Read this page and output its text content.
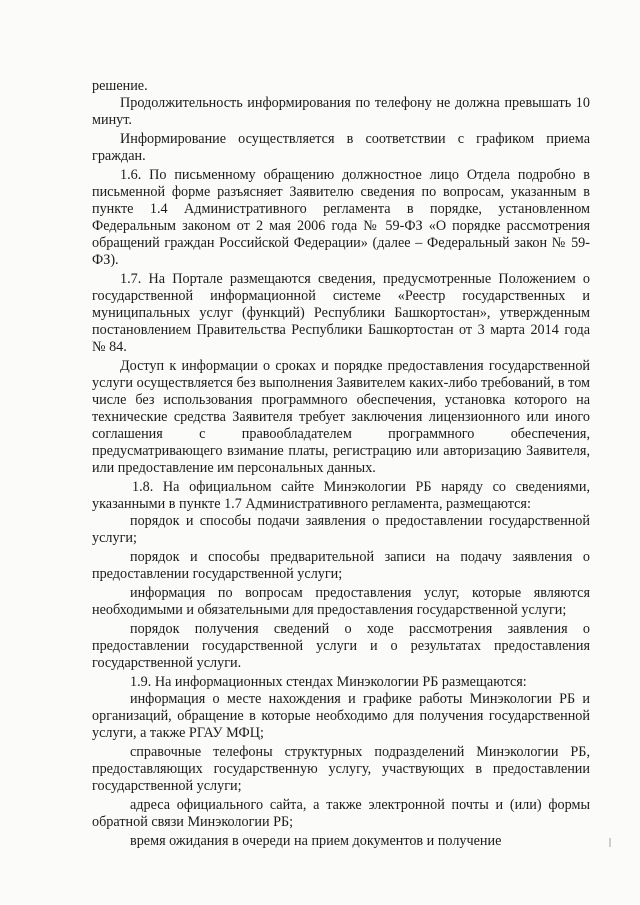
решение.

Продолжительность информирования по телефону не должна превышать 10 минут.

Информирование осуществляется в соответствии с графиком приема граждан.

1.6. По письменному обращению должностное лицо Отдела подробно в письменной форме разъясняет Заявителю сведения по вопросам, указанным в пункте 1.4 Административного регламента в порядке, установленном Федеральным законом от 2 мая 2006 года № 59-ФЗ «О порядке рассмотрения обращений граждан Российской Федерации» (далее – Федеральный закон № 59-ФЗ).

1.7. На Портале размещаются сведения, предусмотренные Положением о государственной информационной системе «Реестр государственных и муниципальных услуг (функций) Республики Башкортостан», утвержденным постановлением Правительства Республики Башкортостан от 3 марта 2014 года № 84.

Доступ к информации о сроках и порядке предоставления государственной услуги осуществляется без выполнения Заявителем каких-либо требований, в том числе без использования программного обеспечения, установка которого на технические средства Заявителя требует заключения лицензионного или иного соглашения с правообладателем программного обеспечения, предусматривающего взимание платы, регистрацию или авторизацию Заявителя, или предоставление им персональных данных.

1.8. На официальном сайте Минэкологии РБ наряду со сведениями, указанными в пункте 1.7 Административного регламента, размещаются:

порядок и способы подачи заявления о предоставлении государственной услуги;

порядок и способы предварительной записи на подачу заявления о предоставлении государственной услуги;

информация по вопросам предоставления услуг, которые являются необходимыми и обязательными для предоставления государственной услуги;

порядок получения сведений о ходе рассмотрения заявления о предоставлении государственной услуги и о результатах предоставления государственной услуги.

1.9. На информационных стендах Минэкологии РБ размещаются:

информация о месте нахождения и графике работы Минэкологии РБ и организаций, обращение в которые необходимо для получения государственной услуги, а также РГАУ МФЦ;

справочные телефоны структурных подразделений Минэкологии РБ, предоставляющих государственную услугу, участвующих в предоставлении государственной услуги;

адреса официального сайта, а также электронной почты и (или) формы обратной связи Минэкологии РБ;

время ожидания в очереди на прием документов и получение
